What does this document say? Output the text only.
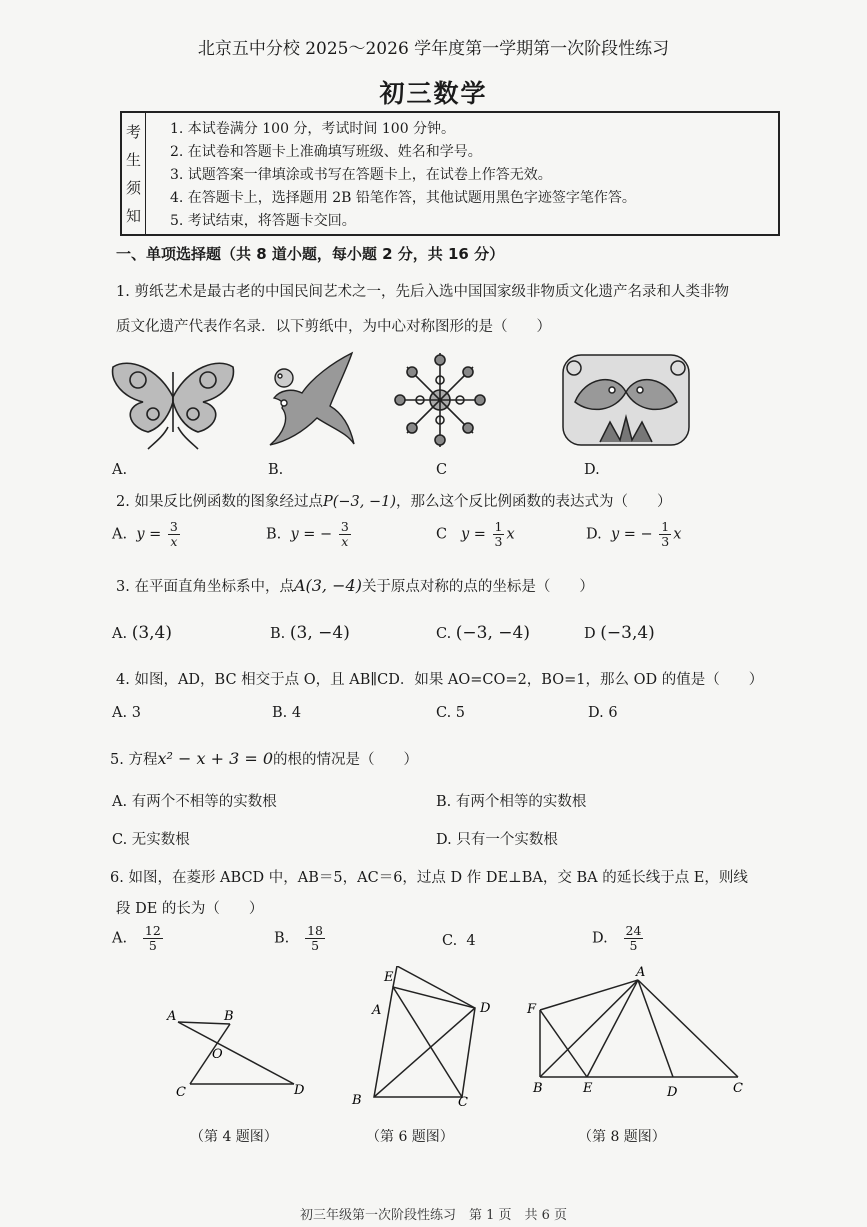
北京五中分校 2025～2026 学年度第一学期第一次阶段性练习
初三数学
考
生
须
知
1. 本试卷满分 100 分，考试时间 100 分钟。
2. 在试卷和答题卡上准确填写班级、姓名和学号。
3. 试题答案一律填涂或书写在答题卡上，在试卷上作答无效。
4. 在答题卡上，选择题用 2B 铅笔作答，其他试题用黑色字迹签字笔作答。
5. 考试结束，将答题卡交回。
一、单项选择题（共 8 道小题，每小题 2 分，共 16 分）
1. 剪纸艺术是最古老的中国民间艺术之一，先后入选中国国家级非物质文化遗产名录和人类非物
质文化遗产代表作名录．以下剪纸中，为中心对称图形的是（　　）
A.	B.	C	D.
2. 如果反比例函数的图象经过点P(−3, −1)，那么这个反比例函数的表达式为（　　）
A. $y = \frac{3}{x}$	B. y = − $\frac{3}{x}$	C $y = \frac{1}{3}$ x	D. y = − $\frac{1}{3}$ x
3. 在平面直角坐标系中，点A(3, −4)关于原点对称的点的坐标是（　　）
A. (3,4)	B. (3, −4)	C. (−3, −4)	D (−3,4)
4. 如图，AD，BC 相交于点 O，且 AB∥CD．如果 AO=CO=2，BO=1，那么 OD 的值是（　　）
A. 3	B. 4	C. 5	D. 6
5. 方程x² − x + 3 = 0的根的情况是（　　）
A. 有两个不相等的实数根	B. 有两个相等的实数根
C. 无实数根	D. 只有一个实数根
6. 如图，在菱形 ABCD 中，AB＝5，AC＝6，过点 D 作 DE⊥BA，交 BA 的延长线于点 E，则线
段 DE 的长为（　　）
A. $\frac{12}{5}$	B. $\frac{18}{5}$	C. 4	D. $\frac{24}{5}$
A	B
O
C	D
（第 4 题图）
E
A	D
B	C
（第 6 题图）
A
F
B	E	D	C
（第 8 题图）
初三年级第一次阶段性练习　第 1 页　共 6 页
